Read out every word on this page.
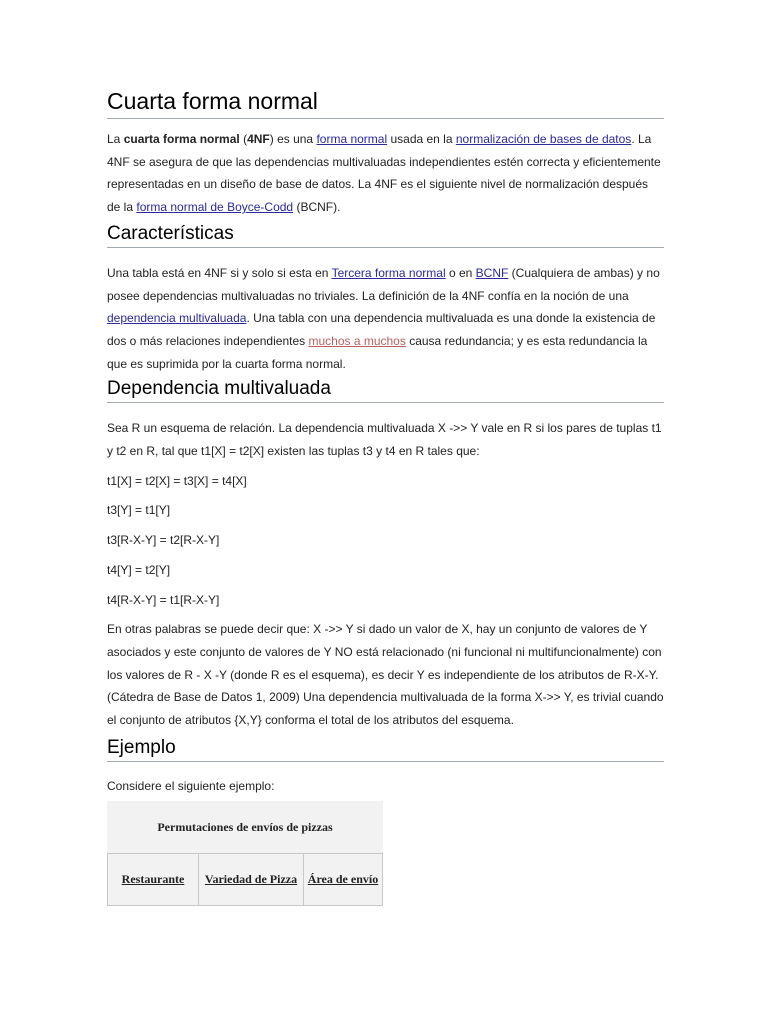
Cuarta forma normal

La cuarta forma normal (4NF) es una forma normal usada en la normalización de bases de datos. La 4NF se asegura de que las dependencias multivaluadas independientes estén correcta y eficientemente representadas en un diseño de base de datos. La 4NF es el siguiente nivel de normalización después de la forma normal de Boyce-Codd (BCNF).

Características

Una tabla está en 4NF si y solo si esta en Tercera forma normal o en BCNF (Cualquiera de ambas) y no posee dependencias multivaluadas no triviales. La definición de la 4NF confía en la noción de una dependencia multivaluada. Una tabla con una dependencia multivaluada es una donde la existencia de dos o más relaciones independientes muchos a muchos causa redundancia; y es esta redundancia la que es suprimida por la cuarta forma normal.

Dependencia multivaluada

Sea R un esquema de relación. La dependencia multivaluada X ->> Y vale en R si los pares de tuplas t1 y t2 en R, tal que t1[X] = t2[X] existen las tuplas t3 y t4 en R tales que:

t1[X] = t2[X] = t3[X] = t4[X]

t3[Y] = t1[Y]

t3[R-X-Y] = t2[R-X-Y]

t4[Y] = t2[Y]

t4[R-X-Y] = t1[R-X-Y]

En otras palabras se puede decir que: X ->> Y si dado un valor de X, hay un conjunto de valores de Y asociados y este conjunto de valores de Y NO está relacionado (ni funcional ni multifuncionalmente) con los valores de R - X -Y (donde R es el esquema), es decir Y es independiente de los atributos de R-X-Y. (Cátedra de Base de Datos 1, 2009) Una dependencia multivaluada de la forma X->> Y, es trivial cuando el conjunto de atributos {X,Y} conforma el total de los atributos del esquema.

Ejemplo

Considere el siguiente ejemplo:

Permutaciones de envíos de pizzas
Restaurante	Variedad de Pizza	Área de envío
